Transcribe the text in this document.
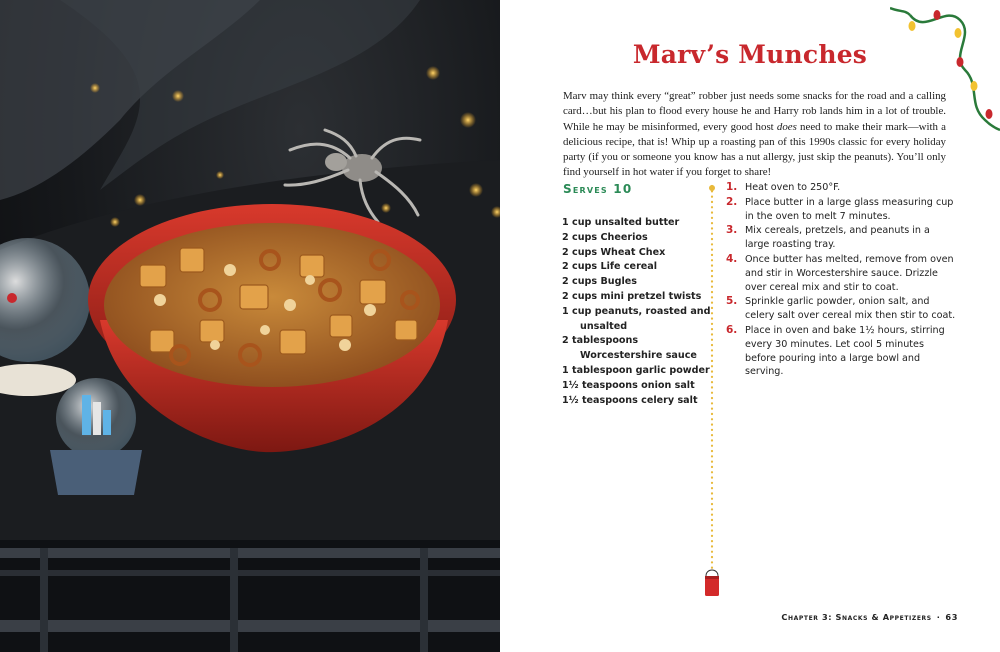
Marv’s Munches

Marv may think every “great” robber just needs some snacks for the road and a calling card…but his plan to flood every house he and Harry rob lands him in a lot of trouble. While he may be misinformed, every good host does need to make their mark—with a delicious recipe, that is! Whip up a roasting pan of this 1990s classic for every holiday party (if you or someone you know has a nut allergy, just skip the peanuts). You’ll only find yourself in hot water if you forget to share!

Serves 10
1 cup unsalted butter
2 cups Cheerios
2 cups Wheat Chex
2 cups Life cereal
2 cups Bugles
2 cups mini pretzel twists
1 cup peanuts, roasted and unsalted
2 tablespoons Worcestershire sauce
1 tablespoon garlic powder
1½ teaspoons onion salt
1½ teaspoons celery salt
1. Heat oven to 250°F.
2. Place butter in a large glass measuring cup in the oven to melt 7 minutes.
3. Mix cereals, pretzels, and peanuts in a large roasting tray.
4. Once butter has melted, remove from oven and stir in Worcestershire sauce. Drizzle over cereal mix and stir to coat.
5. Sprinkle garlic powder, onion salt, and celery salt over cereal mix then stir to coat.
6. Place in oven and bake 1½ hours, stirring every 30 minutes. Let cool 5 minutes before pouring into a large bowl and serving.
Chapter 3: Snacks & Appetizers · 63
